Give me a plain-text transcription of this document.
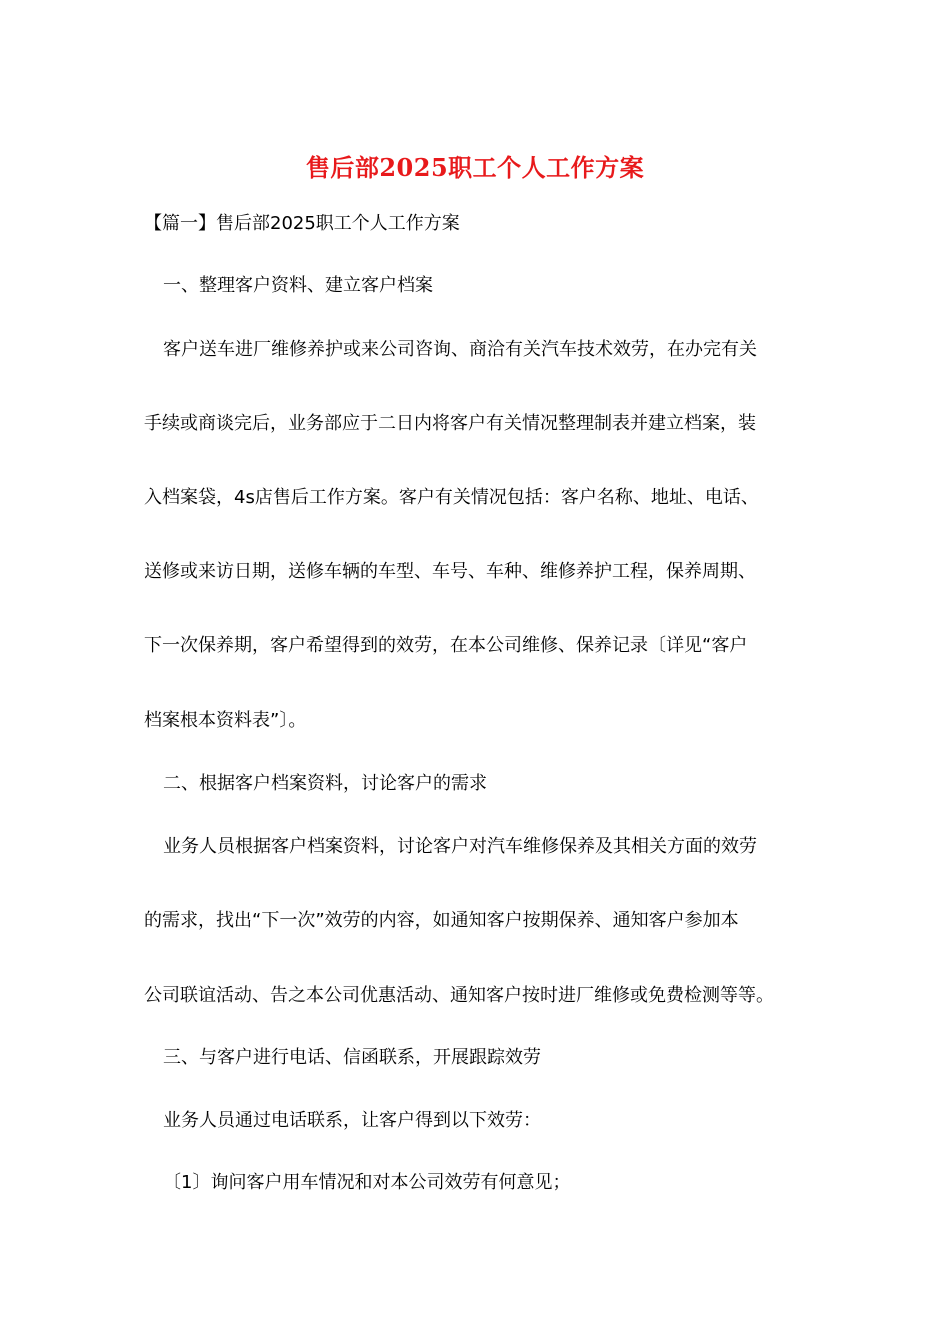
售后部2025职工个人工作方案

【篇一】售后部2025职工个人工作方案

一、整理客户资料、建立客户档案

客户送车进厂维修养护或来公司咨询、商洽有关汽车技术效劳，在办完有关

手续或商谈完后，业务部应于二日内将客户有关情况整理制表并建立档案，装

入档案袋，4s店售后工作方案。客户有关情况包括：客户名称、地址、电话、

送修或来访日期，送修车辆的车型、车号、车种、维修养护工程，保养周期、

下一次保养期，客户希望得到的效劳，在本公司维修、保养记录〔详见“客户

档案根本资料表”〕。

二、根据客户档案资料，讨论客户的需求

业务人员根据客户档案资料，讨论客户对汽车维修保养及其相关方面的效劳

的需求，找出“下一次”效劳的内容，如通知客户按期保养、通知客户参加本

公司联谊活动、告之本公司优惠活动、通知客户按时进厂维修或免费检测等等。

三、与客户进行电话、信函联系，开展跟踪效劳

业务人员通过电话联系，让客户得到以下效劳：

〔1〕询问客户用车情况和对本公司效劳有何意见；
